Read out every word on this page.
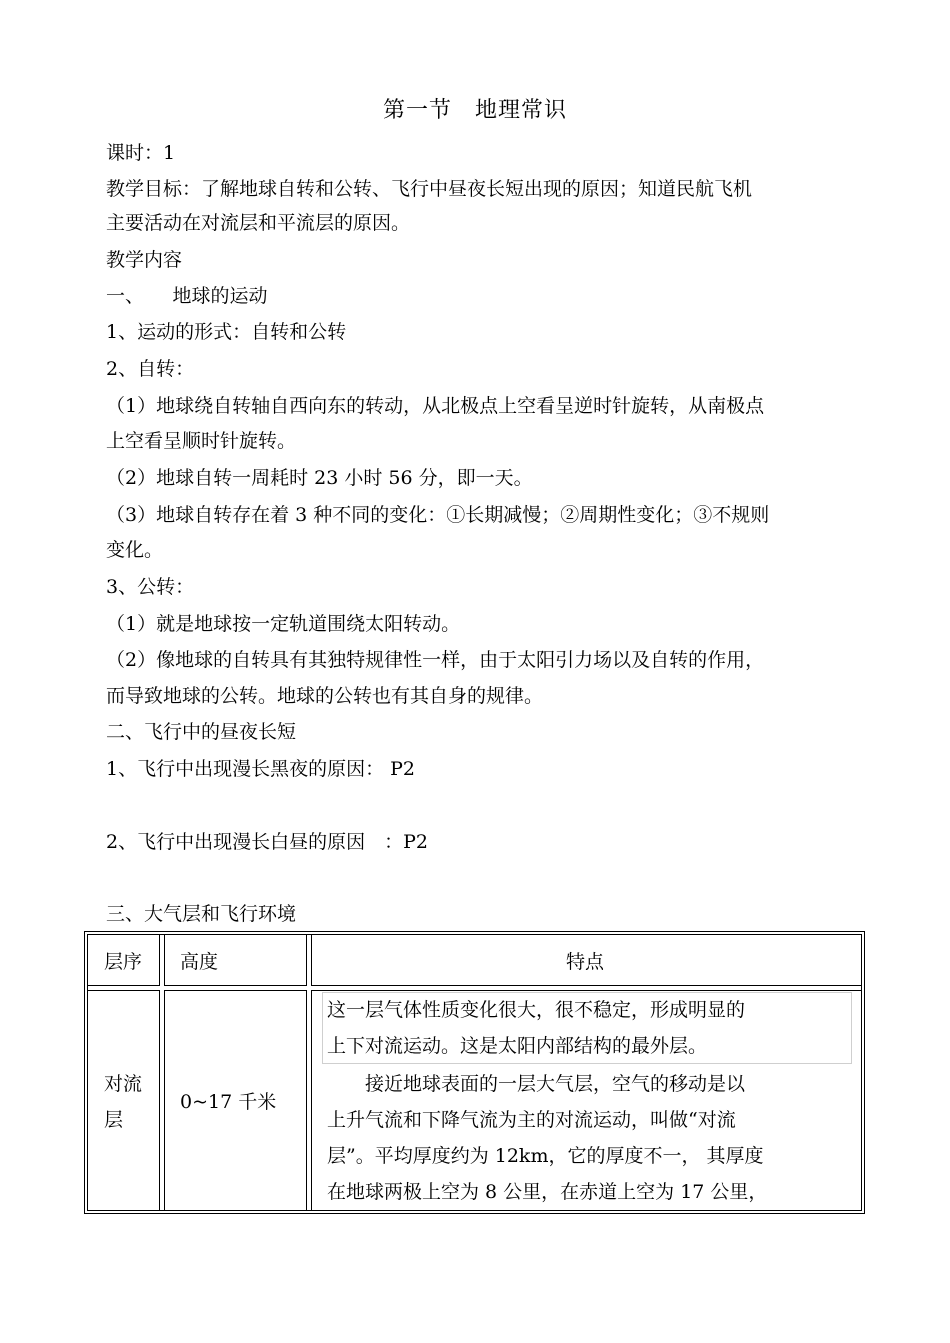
第一节　地理常识
课时：1
教学目标：了解地球自转和公转、飞行中昼夜长短出现的原因；知道民航飞机
主要活动在对流层和平流层的原因。
教学内容
一、　　地球的运动
1、运动的形式：自转和公转
2、自转：
（1）地球绕自转轴自西向东的转动，从北极点上空看呈逆时针旋转，从南极点
上空看呈顺时针旋转。
（2）地球自转一周耗时 23 小时 56 分，即一天。
（3）地球自转存在着 3 种不同的变化：①长期减慢；②周期性变化；③不规则
变化。
3、公转：
（1）就是地球按一定轨道围绕太阳转动。
（2）像地球的自转具有其独特规律性一样，由于太阳引力场以及自转的作用，
而导致地球的公转。地球的公转也有其自身的规律。
二、飞行中的昼夜长短
1、飞行中出现漫长黑夜的原因： P2
2、飞行中出现漫长白昼的原因　：P2
三、大气层和飞行环境
层序 高度	特点
对流
层
0~17 千米
这一层气体性质变化很大，很不稳定，形成明显的
上下对流运动。这是太阳内部结构的最外层。
　　接近地球表面的一层大气层，空气的移动是以
上升气流和下降气流为主的对流运动，叫做“对流
层”。平均厚度约为 12km，它的厚度不一， 其厚度
在地球两极上空为 8 公里，在赤道上空为 17 公里，
